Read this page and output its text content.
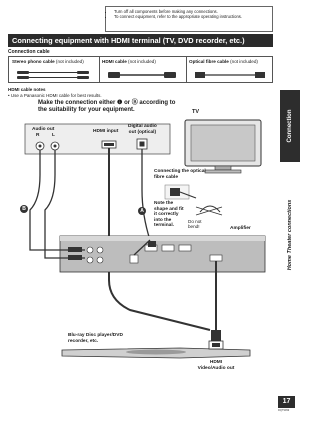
• Turn off all components before making any connections.
• To connect equipment, refer to the appropriate operating instructions.
Connecting equipment with HDMI terminal (TV, DVD recorder, etc.)
Connection cable
Stereo phono cable (not included)	HDMI cable (not included)	Optical fibre cable (not included)
HDMI cable notes
• Use a Panasonic HDMI cable for best results.
Make the connection either ❶ or Ⓑ according to
the suitability for your equipment.	TV
Audio out
R	L
HDMI input
Digital audio
out (optical)
Connecting the optical
fibre cable
Note the
shape and fit
it correctly
into the
terminal.
Do not
bend!
B	A
Amplifier
Blu-ray Disc player/DVD
recorder, etc.
HDMI
Video/Audio out
Connection
Home Theater connections
17
RQT9099
